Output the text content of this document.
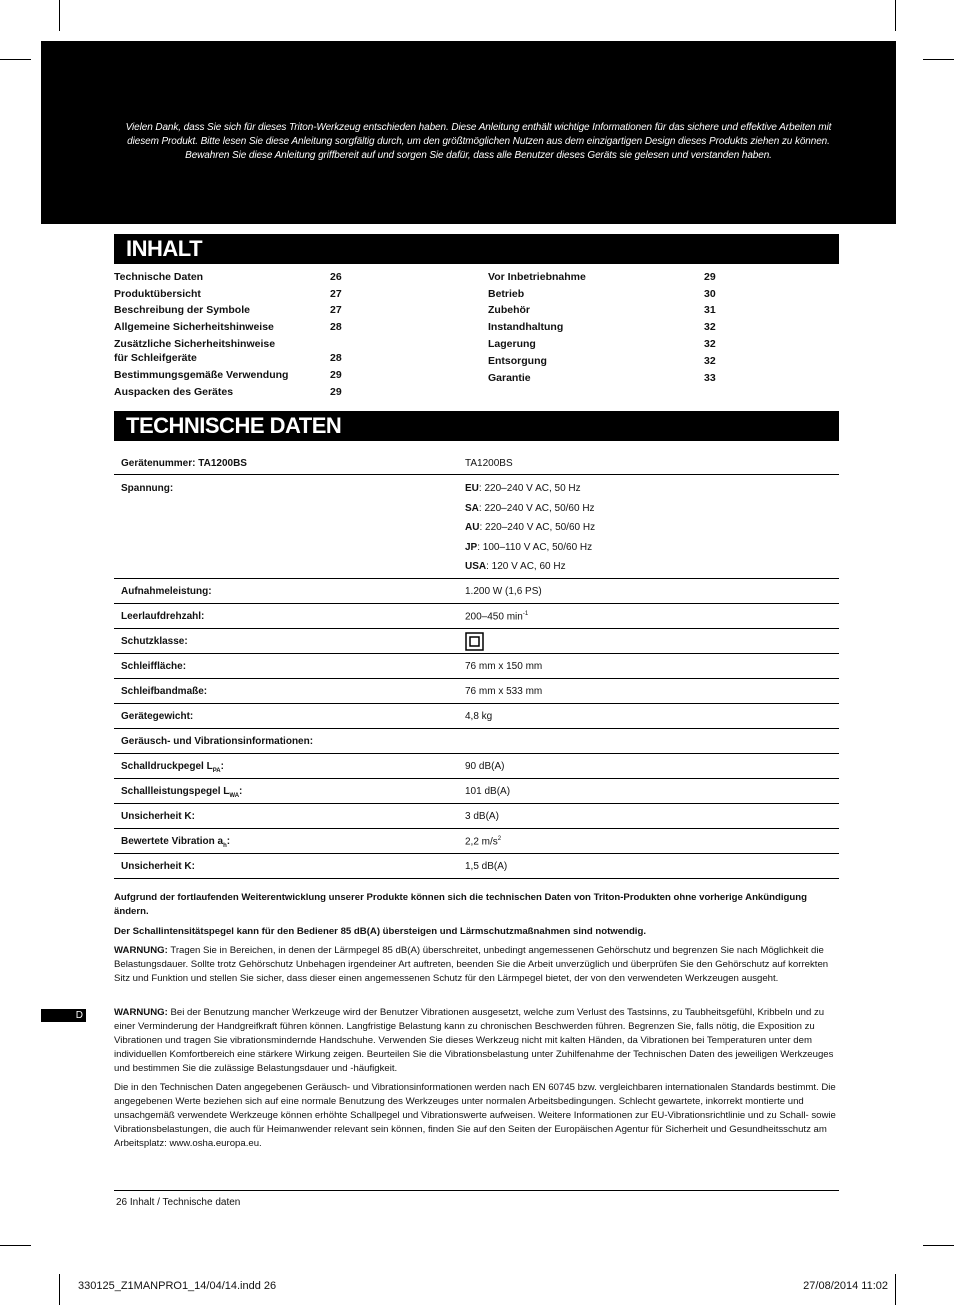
Vielen Dank, dass Sie sich für dieses Triton-Werkzeug entschieden haben. Diese Anleitung enthält wichtige Informationen für das sichere und effektive Arbeiten mit diesem Produkt. Bitte lesen Sie diese Anleitung sorgfältig durch, um den größtmöglichen Nutzen aus dem einzigartigen Design dieses Produkts ziehen zu können. Bewahren Sie diese Anleitung griffbereit auf und sorgen Sie dafür, dass alle Benutzer dieses Geräts sie gelesen und verstanden haben.
INHALT
Technische Daten	26
Produktübersicht	27
Beschreibung der Symbole	27
Allgemeine Sicherheitshinweise	28
Zusätzliche Sicherheitshinweise
für Schleifgeräte	28
Bestimmungsgemäße Verwendung	29
Auspacken des Gerätes	29
Vor Inbetriebnahme	29
Betrieb	30
Zubehör	31
Instandhaltung	32
Lagerung	32
Entsorgung	32
Garantie	33
TECHNISCHE DATEN
Gerätenummer: TA1200BS	TA1200BS
Spannung:	EU: 220–240 V AC, 50 Hz
SA: 220–240 V AC, 50/60 Hz
AU: 220–240 V AC, 50/60 Hz
JP: 100–110 V AC, 50/60 Hz
USA: 120 V AC, 60 Hz
Aufnahmeleistung:	1.200 W (1,6 PS)
Leerlaufdrehzahl:	200–450 $\min^{-1}$
Schutzklasse:
Schleiffläche:	76 mm x 150 mm
Schleifbandmaße:	76 mm x 533 mm
Gerätegewicht:	4,8 kg
Geräusch- und Vibrationsinformationen:
Schalldruckpegel $L_{PA}$:	90 dB(A)
Schallleistungspegel $L_{WA}$:	101 dB(A)
Unsicherheit K:	3 dB(A)
Bewertete Vibration $a_h$:	2,2 $m/s^2$
Unsicherheit K:	1,5 dB(A)
Aufgrund der fortlaufenden Weiterentwicklung unserer Produkte können sich die technischen Daten von Triton-Produkten ohne vorherige Ankündigung ändern.
Der Schallintensitätspegel kann für den Bediener 85 dB(A) übersteigen und Lärmschutzmaßnahmen sind notwendig.
WARNUNG: Tragen Sie in Bereichen, in denen der Lärmpegel 85 dB(A) überschreitet, unbedingt angemessenen Gehörschutz und begrenzen Sie nach Möglichkeit die Belastungsdauer. Sollte trotz Gehörschutz Unbehagen irgendeiner Art auftreten, beenden Sie die Arbeit unverzüglich und überprüfen Sie den Gehörschutz auf korrekten Sitz und Funktion und stellen Sie sicher, dass dieser einen angemessenen Schutz für den Lärmpegel bietet, der von den verwendeten Werkzeugen ausgeht.
WARNUNG: Bei der Benutzung mancher Werkzeuge wird der Benutzer Vibrationen ausgesetzt, welche zum Verlust des Tastsinns, zu Taubheitsgefühl, Kribbeln und zu einer Verminderung der Handgreifkraft führen können. Langfristige Belastung kann zu chronischen Beschwerden führen. Begrenzen Sie, falls nötig, die Exposition zu Vibrationen und tragen Sie vibrationsmindernde Handschuhe. Verwenden Sie dieses Werkzeug nicht mit kalten Händen, da Vibrationen bei Temperaturen unter dem individuellen Komfortbereich eine stärkere Wirkung zeigen. Beurteilen Sie die Vibrationsbelastung unter Zuhilfenahme der Technischen Daten des jeweiligen Werkzeuges und bestimmen Sie die zulässige Belastungsdauer und -häufigkeit.
Die in den Technischen Daten angegebenen Geräusch- und Vibrationsinformationen werden nach EN 60745 bzw. vergleichbaren internationalen Standards bestimmt. Die angegebenen Werte beziehen sich auf eine normale Benutzung des Werkzeuges unter normalen Arbeitsbedingungen. Schlecht gewartete, inkorrekt montierte und unsachgemäß verwendete Werkzeuge können erhöhte Schallpegel und Vibrationswerte aufweisen. Weitere Informationen zur EU-Vibrationsrichtlinie und zu Schall- sowie Vibrationsbelastungen, die auch für Heimanwender relevant sein können, finden Sie auf den Seiten der Europäischen Agentur für Sicherheit und Gesundheitsschutz am Arbeitsplatz: www.osha.europa.eu.
D
26 Inhalt / Technische daten
330125_Z1MANPRO1_14/04/14.indd 26	27/08/2014 11:02
